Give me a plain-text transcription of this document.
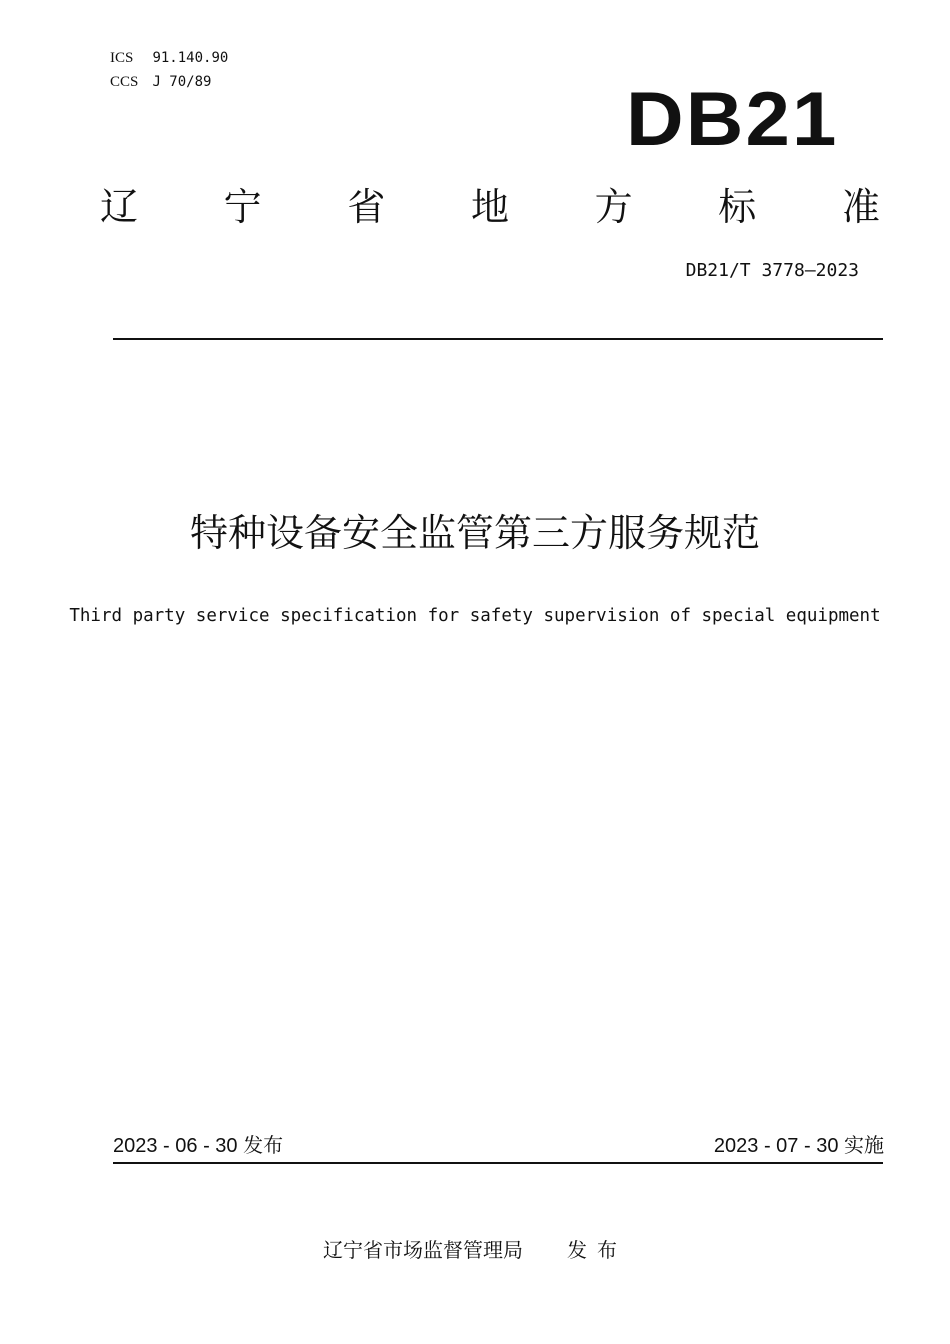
ICS 91.140.90
CCS J 70/89	DB21
辽 宁 省 地 方 标 准
DB21/T 3778—2023
特种设备安全监管第三方服务规范
Third party service specification for safety supervision of special equipment
2023 - 06 - 30 发布	2023 - 07 - 30 实施
辽宁省市场监督管理局 发布
